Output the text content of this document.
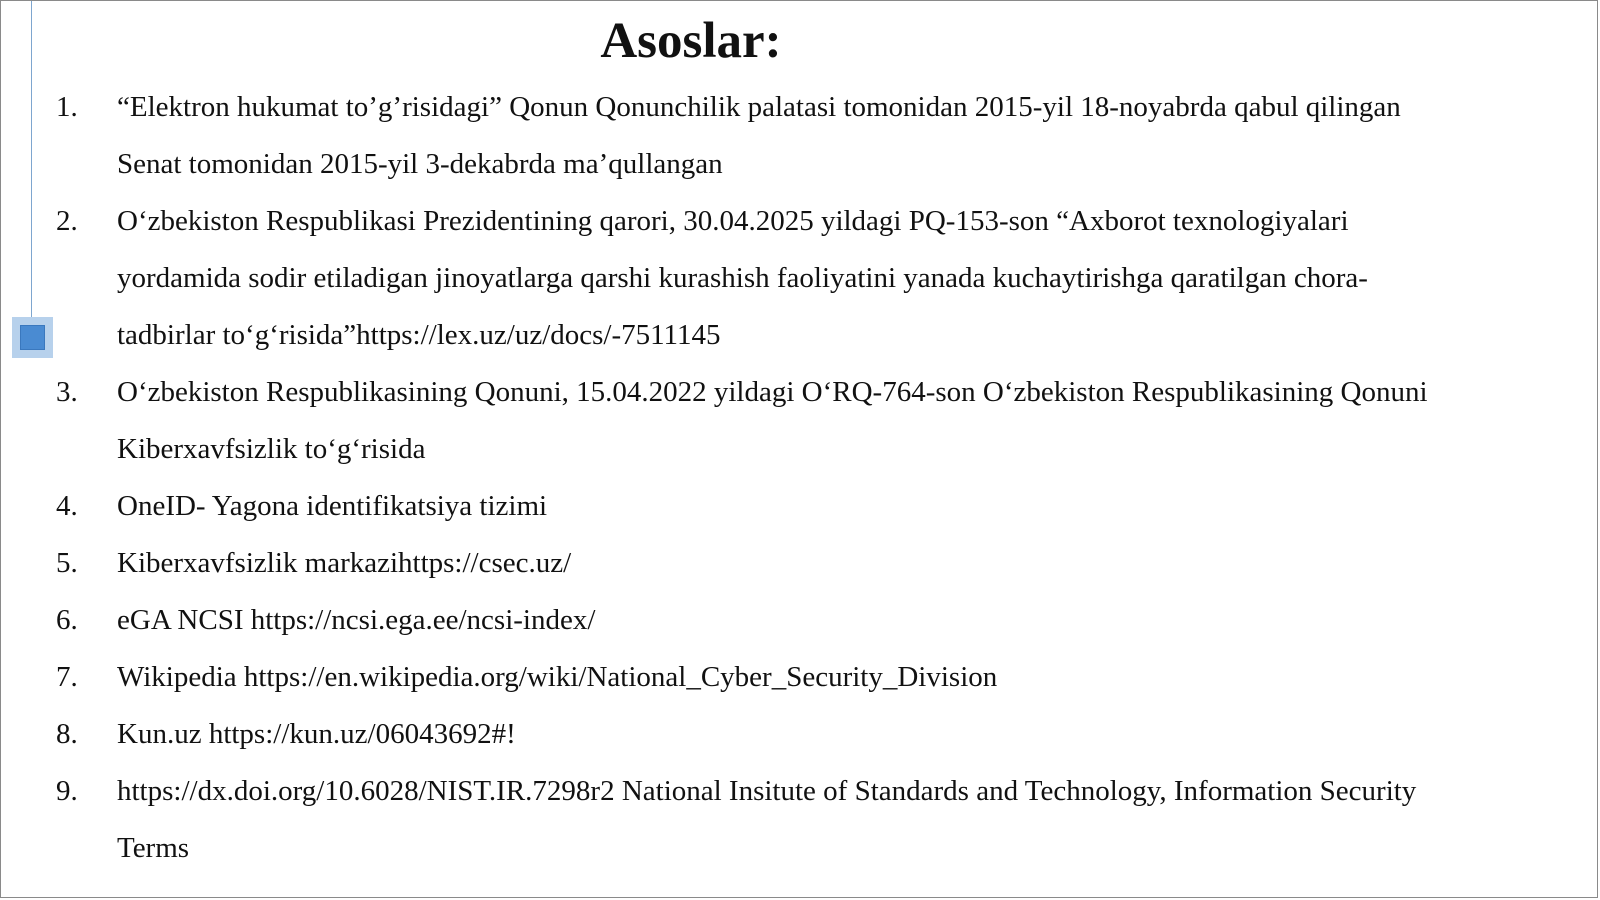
Asoslar:
1.	“Elektron hukumat to’g’risidagi” Qonun Qonunchilik palatasi tomonidan 2015-yil 18-noyabrda qabul qilingan
Senat tomonidan 2015-yil 3-dekabrda ma’qullangan
2.	O‘zbekiston Respublikasi Prezidentining qarori, 30.04.2025 yildagi PQ-153-son “Axborot texnologiyalari
yordamida sodir etiladigan jinoyatlarga qarshi kurashish faoliyatini yanada kuchaytirishga qaratilgan chora-
tadbirlar to‘g‘risida”https://lex.uz/uz/docs/-7511145
3.	O‘zbekiston Respublikasining Qonuni, 15.04.2022 yildagi O‘RQ-764-son O‘zbekiston Respublikasining Qonuni
Kiberxavfsizlik to‘g‘risida
4.	OneID- Yagona identifikatsiya tizimi
5.	Kiberxavfsizlik markazihttps://csec.uz/
6.	eGA NCSI https://ncsi.ega.ee/ncsi-index/
7.	Wikipedia https://en.wikipedia.org/wiki/National_Cyber_Security_Division
8.	Kun.uz https://kun.uz/06043692#!
9.	https://dx.doi.org/10.6028/NIST.IR.7298r2 National Insitute of Standards and Technology, Information Security
Terms
